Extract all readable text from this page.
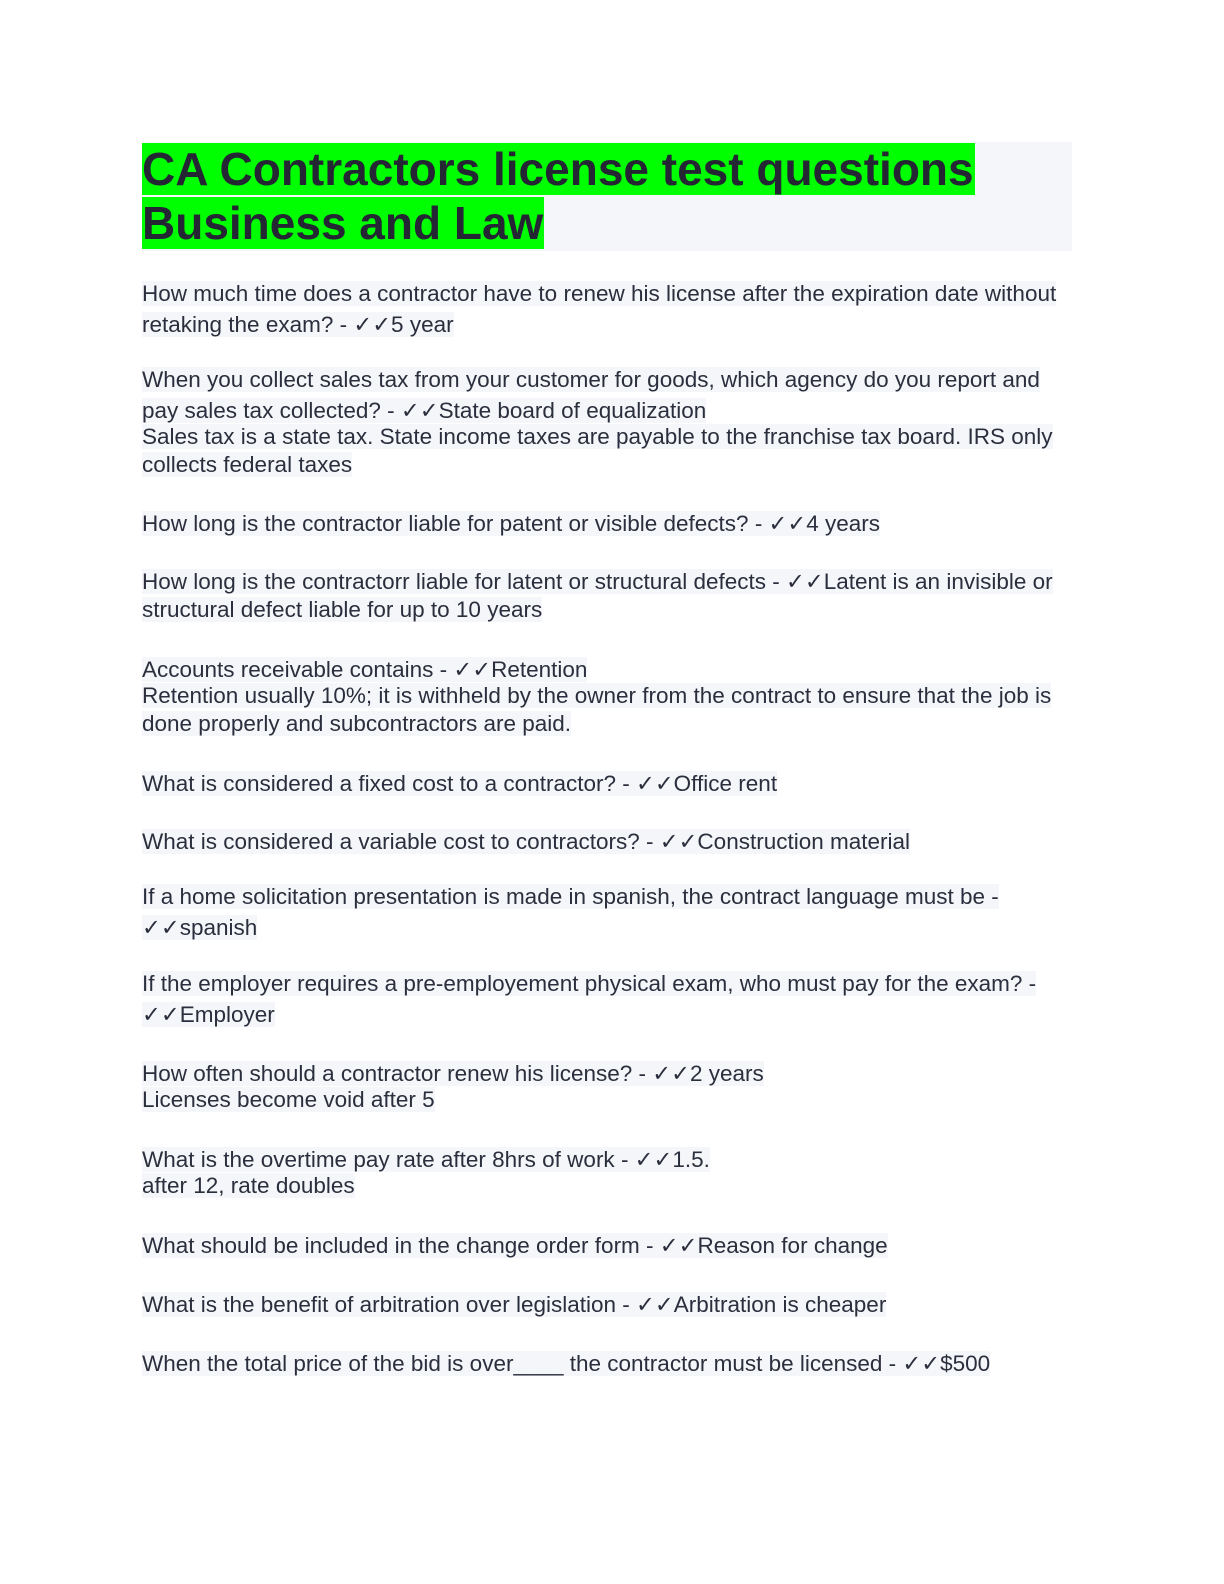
CA Contractors license test questions
Business and Law
How much time does a contractor have to renew his license after the expiration date without retaking the exam? - ✓✓5 year
When you collect sales tax from your customer for goods, which agency do you report and pay sales tax collected? - ✓✓State board of equalization
Sales tax is a state tax. State income taxes are payable to the franchise tax board. IRS only collects federal taxes
How long is the contractor liable for patent or visible defects? - ✓✓4 years
How long is the contractorr liable for latent or structural defects - ✓✓Latent is an invisible or structural defect liable for up to 10 years
Accounts receivable contains - ✓✓Retention
Retention usually 10%; it is withheld by the owner from the contract to ensure that the job is done properly and subcontractors are paid.
What is considered a fixed cost to a contractor? - ✓✓Office rent
What is considered a variable cost to contractors? - ✓✓Construction material
If a home solicitation presentation is made in spanish, the contract language must be - ✓✓spanish
If the employer requires a pre-employement physical exam, who must pay for the exam? - ✓✓Employer
How often should a contractor renew his license? - ✓✓2 years
Licenses become void after 5
What is the overtime pay rate after 8hrs of work - ✓✓1.5.
after 12, rate doubles
What should be included in the change order form - ✓✓Reason for change
What is the benefit of arbitration over legislation - ✓✓Arbitration is cheaper
When the total price of the bid is over____ the contractor must be licensed - ✓✓$500
